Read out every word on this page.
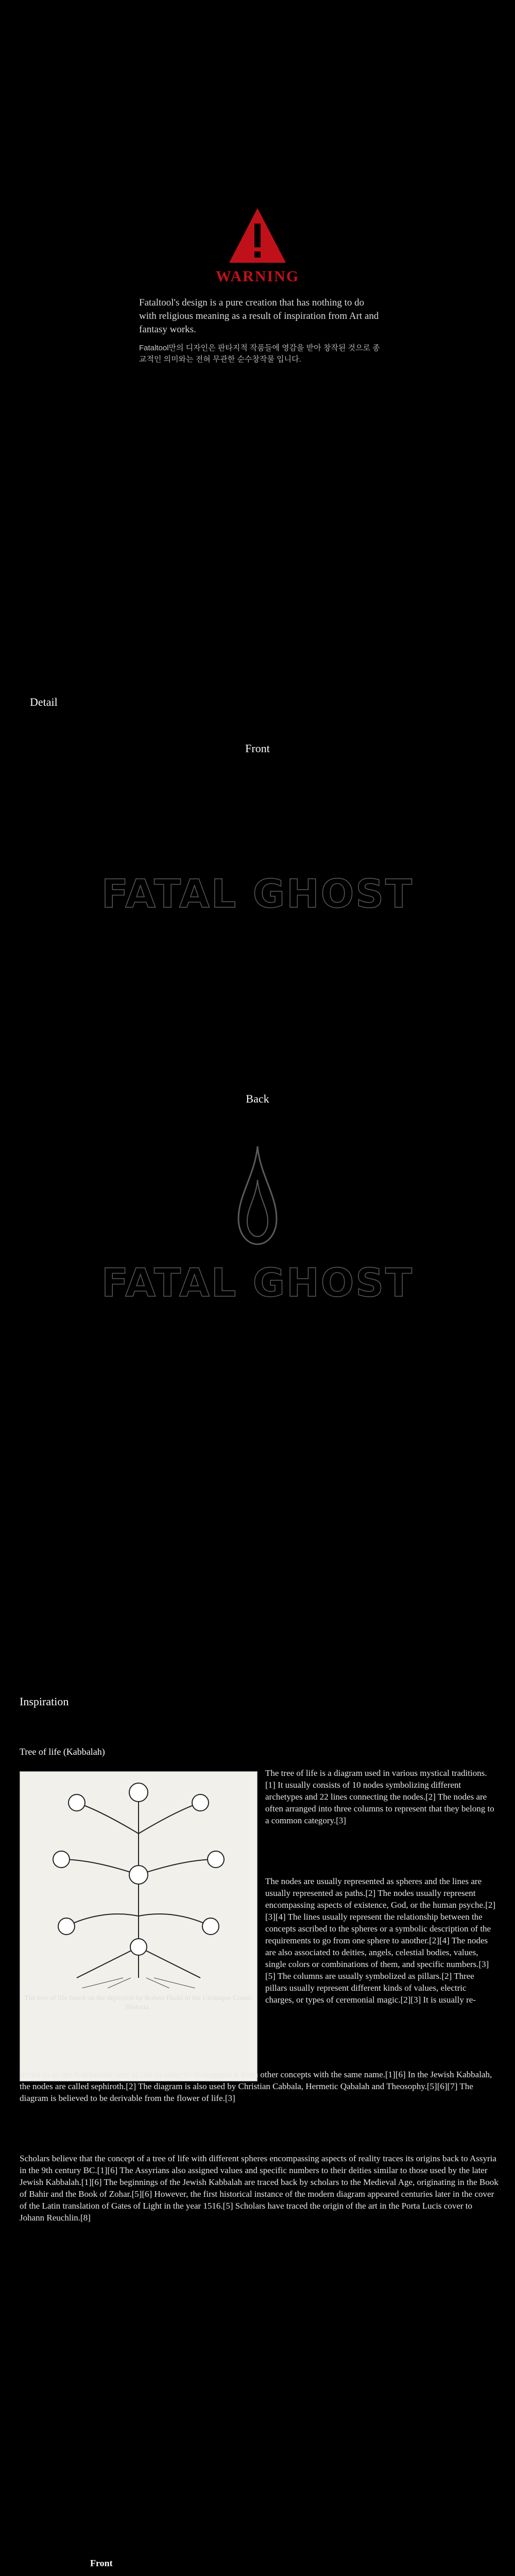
WARNING
Fataltool's design is a pure creation that has nothing to do with religious meaning as a result of inspiration from Art and fantasy works.
Fataltool만의 디자인은 판타지적 작품들에 영감을 받아 창작된 것으로 종교적인 의미와는 전혀 무관한 순수창작물 입니다.
Detail
Front
FATAL GHOST
Back
FATAL GHOST
Inspiration
Tree of life (Kabbalah)
The tree of life based on the depiction by Robert Fludd in the Utriusque Cosmi Historia.
The tree of life is a diagram used in various mystical traditions.[1] It usually consists of 10 nodes symbolizing different archetypes and 22 lines connecting the nodes.[2] The nodes are often arranged into three columns to represent that they belong to a common category.[3]
The nodes are usually represented as spheres and the lines are usually represented as paths.[2] The nodes usually represent encompassing aspects of existence, God, or the human psyche.[2][3][4] The lines usually represent the relationship between the concepts ascribed to the spheres or a symbolic description of the requirements to go from one sphere to another.[2][4] The nodes are also associated to deities, angels, celestial bodies, values, single colors or combinations of them, and specific numbers.[3][5] The columns are usually symbolized as pillars.[2] Three pillars usually represent different kinds of values, electric charges, or types of ceremonial magic.[2][3] It is usually re-
ferred to as the Kabbalistic tree of life in order to distinguish it from other concepts with the same name.[1][6] In the Jewish Kabbalah, the nodes are called sephiroth.[2] The diagram is also used by Christian Cabbala, Hermetic Qabalah and Theosophy.[5][6][7] The diagram is believed to be derivable from the flower of life.[3]
Scholars believe that the concept of a tree of life with different spheres encompassing aspects of reality traces its origins back to Assyria in the 9th century BC.[1][6] The Assyrians also assigned values and specific numbers to their deities similar to those used by the later Jewish Kabbalah.[1][6] The beginnings of the Jewish Kabbalah are traced back by scholars to the Medieval Age, originating in the Book of Bahir and the Book of Zohar.[5][6] However, the first historical instance of the modern diagram appeared centuries later in the cover of the Latin translation of Gates of Light in the year 1516.[5] Scholars have traced the origin of the art in the Porta Lucis cover to Johann Reuchlin.[8]
Front
